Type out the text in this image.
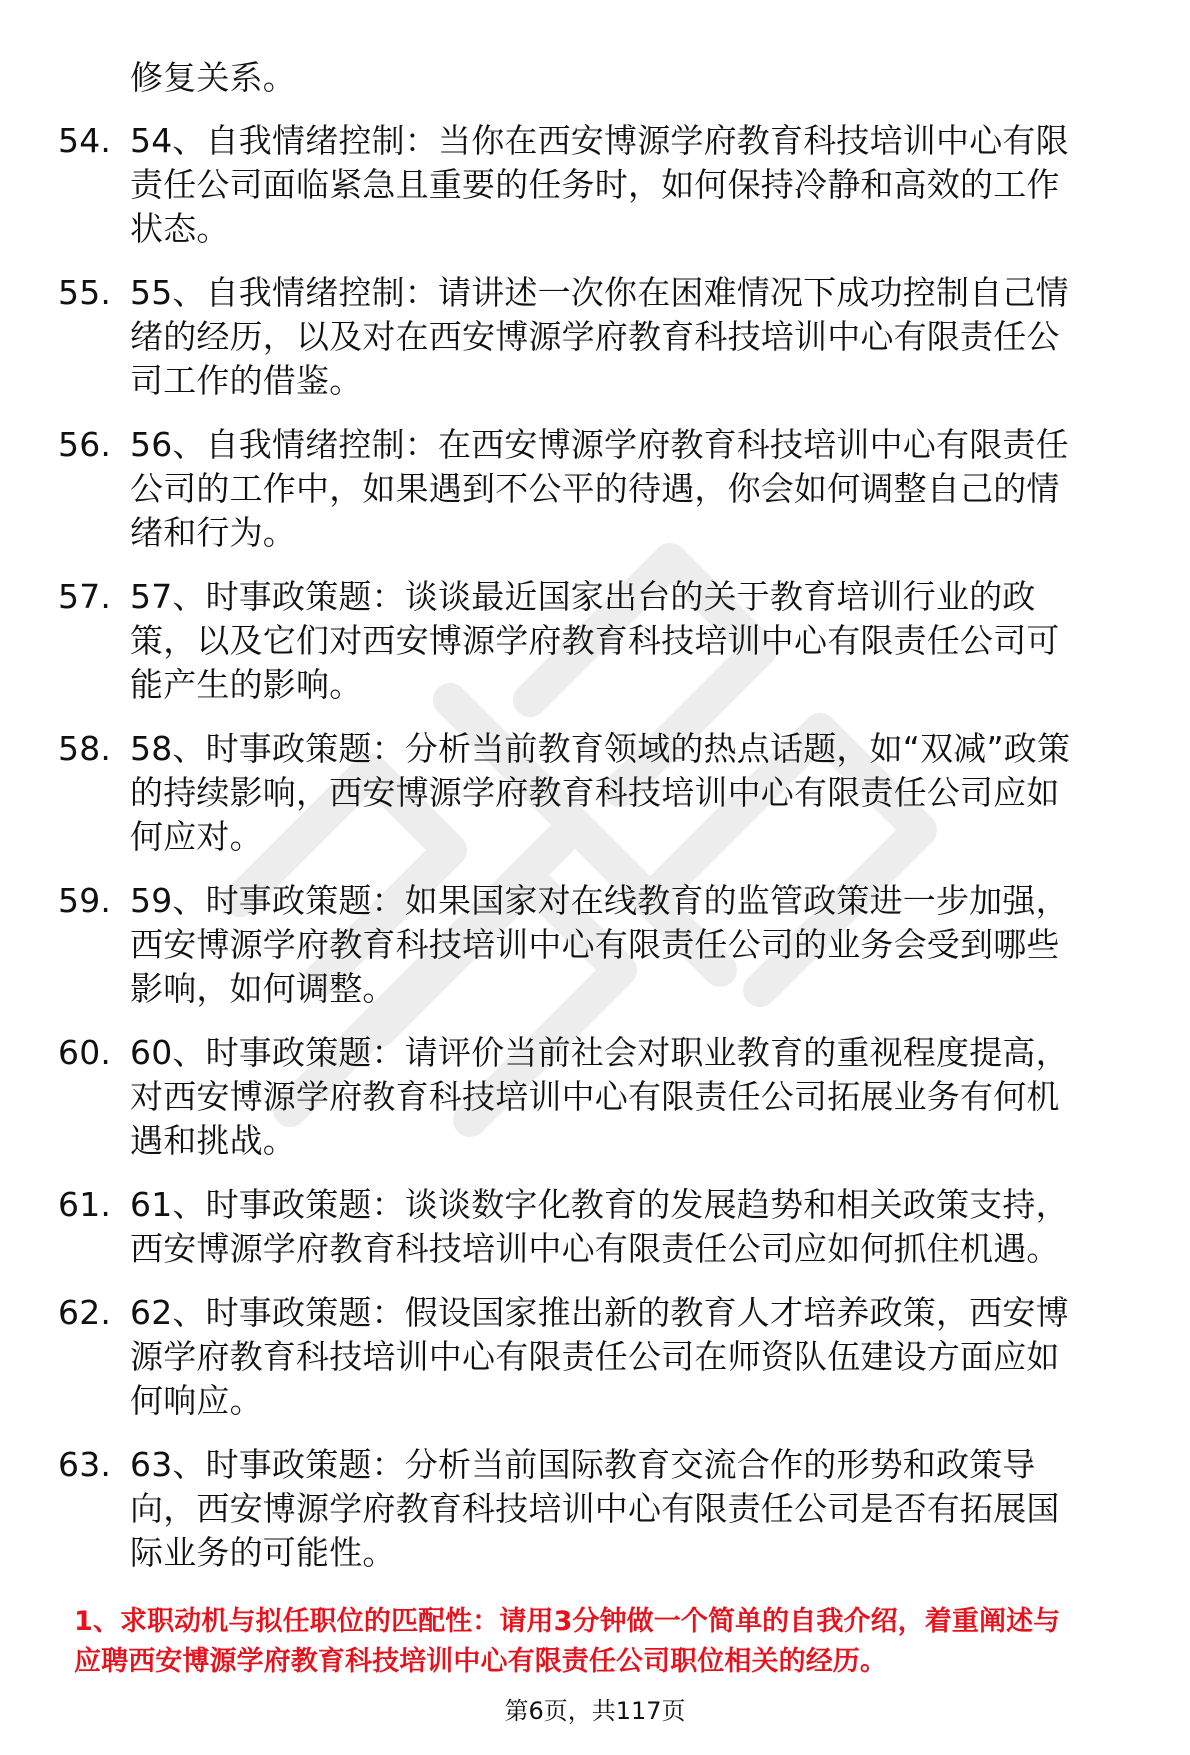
修复关系。
54. 54、自我情绪控制：当你在西安博源学府教育科技培训中心有限
责任公司面临紧急且重要的任务时，如何保持冷静和高效的工作
状态。
55. 55、自我情绪控制：请讲述一次你在困难情况下成功控制自己情
绪的经历，以及对在西安博源学府教育科技培训中心有限责任公
司工作的借鉴。
56. 56、自我情绪控制：在西安博源学府教育科技培训中心有限责任
公司的工作中，如果遇到不公平的待遇，你会如何调整自己的情
绪和行为。
57. 57、时事政策题：谈谈最近国家出台的关于教育培训行业的政
策，以及它们对西安博源学府教育科技培训中心有限责任公司可
能产生的影响。
58. 58、时事政策题：分析当前教育领域的热点话题，如“双减”政策
的持续影响，西安博源学府教育科技培训中心有限责任公司应如
何应对。
59. 59、时事政策题：如果国家对在线教育的监管政策进一步加强，
西安博源学府教育科技培训中心有限责任公司的业务会受到哪些
影响，如何调整。
60. 60、时事政策题：请评价当前社会对职业教育的重视程度提高，
对西安博源学府教育科技培训中心有限责任公司拓展业务有何机
遇和挑战。
61. 61、时事政策题：谈谈数字化教育的发展趋势和相关政策支持，
西安博源学府教育科技培训中心有限责任公司应如何抓住机遇。
62. 62、时事政策题：假设国家推出新的教育人才培养政策，西安博
源学府教育科技培训中心有限责任公司在师资队伍建设方面应如
何响应。
63. 63、时事政策题：分析当前国际教育交流合作的形势和政策导
向，西安博源学府教育科技培训中心有限责任公司是否有拓展国
际业务的可能性。
1、求职动机与拟任职位的匹配性：请用3分钟做一个简单的自我介绍，着重阐述与
应聘西安博源学府教育科技培训中心有限责任公司职位相关的经历。
第6页，共117页
